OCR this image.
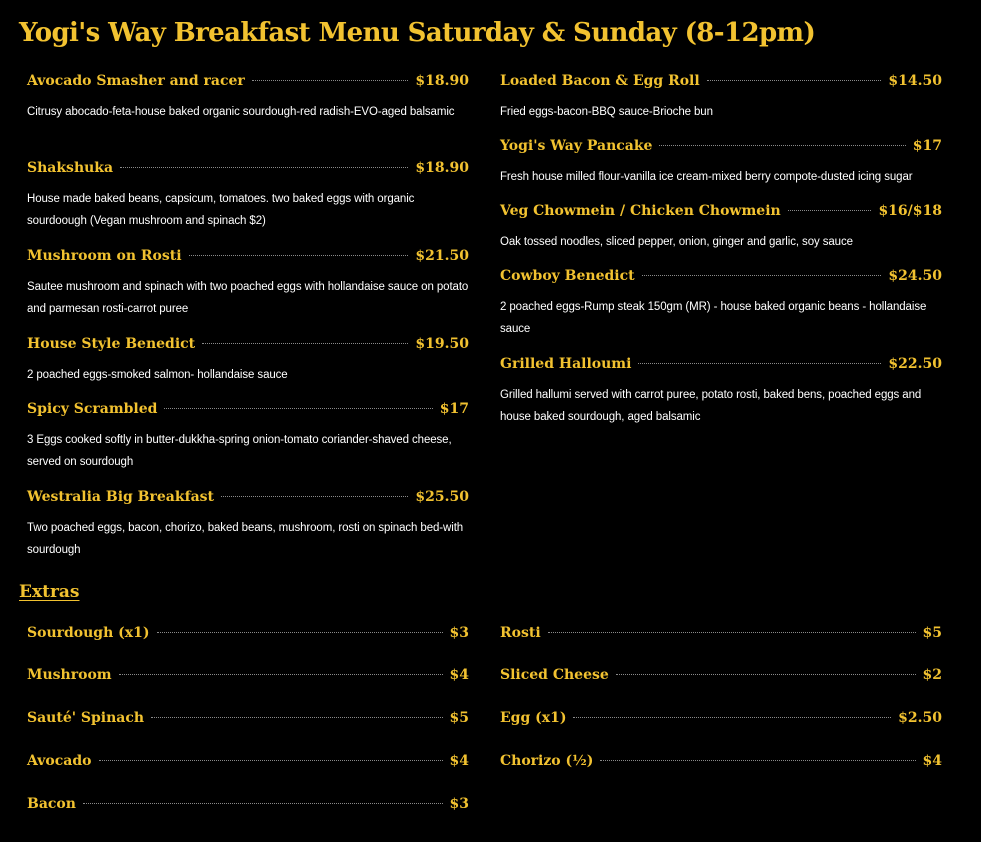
Yogi's Way Breakfast Menu Saturday & Sunday (8-12pm)
Avocado Smasher and racer	$18.90
Citrusy abocado-feta-house baked organic sourdough-red radish-EVO-aged balsamic
Shakshuka	$18.90
House made baked beans, capsicum, tomatoes. two baked eggs with organic sourdoough (Vegan mushroom and spinach $2)
Mushroom on Rosti	$21.50
Sautee mushroom and spinach with two poached eggs with hollandaise sauce on potato and parmesan rosti-carrot puree
House Style Benedict	$19.50
2 poached eggs-smoked salmon- hollandaise sauce
Spicy Scrambled	$17
3 Eggs cooked softly in butter-dukkha-spring onion-tomato coriander-shaved cheese, served on sourdough
Westralia Big Breakfast	$25.50
Two poached eggs, bacon, chorizo, baked beans, mushroom, rosti on spinach bed-with sourdough
Loaded Bacon & Egg Roll	$14.50
Fried eggs-bacon-BBQ sauce-Brioche bun
Yogi's Way Pancake	$17
Fresh house milled flour-vanilla ice cream-mixed berry compote-dusted icing sugar
Veg Chowmein / Chicken Chowmein	$16/$18
Oak tossed noodles, sliced pepper, onion, ginger and garlic, soy sauce
Cowboy Benedict	$24.50
2 poached eggs-Rump steak 150gm (MR) - house baked organic beans - hollandaise sauce
Grilled Halloumi	$22.50
Grilled hallumi served with carrot puree, potato rosti, baked bens, poached eggs and house baked sourdough, aged balsamic
Extras
Sourdough (x1)	$3
Mushroom	$4
Sauté' Spinach	$5
Avocado	$4
Bacon	$3
Rosti	$5
Sliced Cheese	$2
Egg (x1)	$2.50
Chorizo (½)	$4
